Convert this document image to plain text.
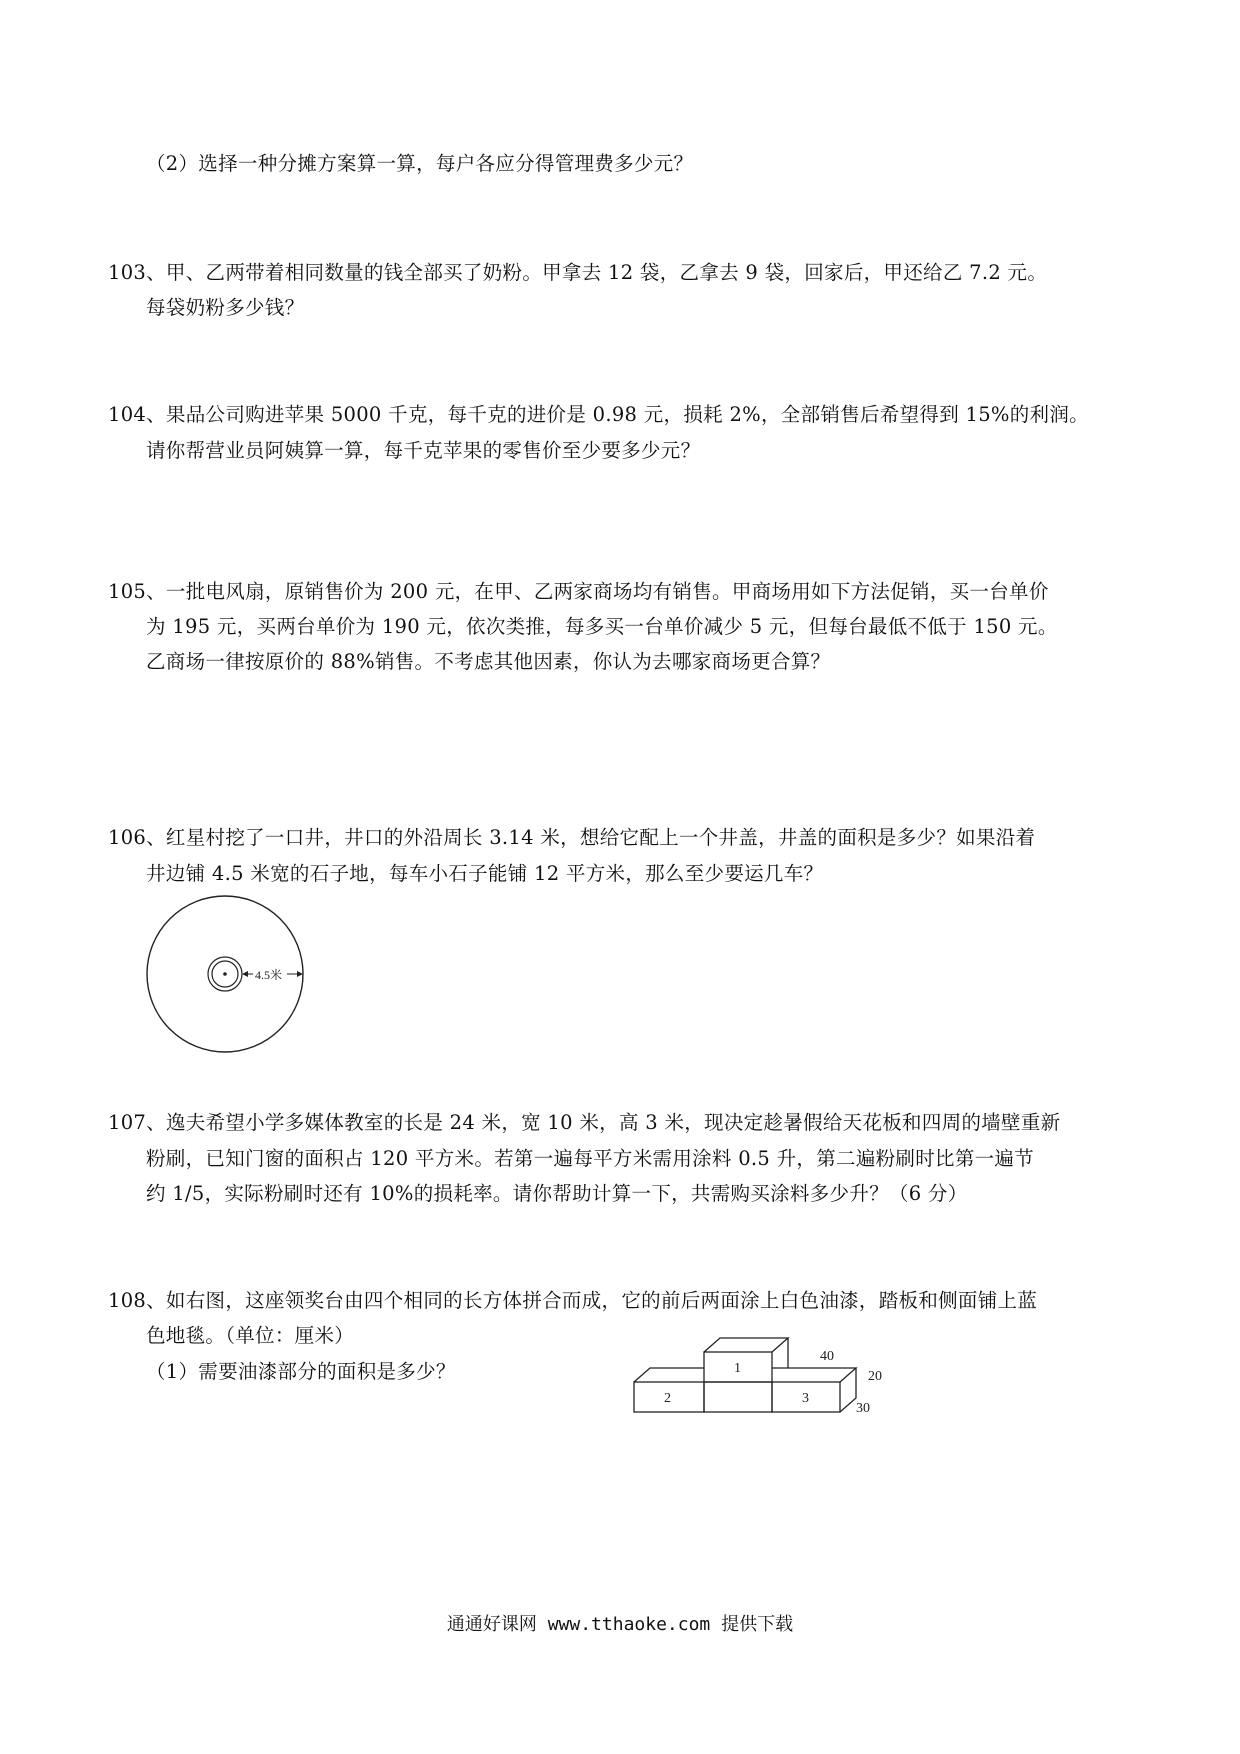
（2）选择一种分摊方案算一算，每户各应分得管理费多少元？
103、甲、乙两带着相同数量的钱全部买了奶粉。甲拿去 12 袋，乙拿去 9 袋，回家后，甲还给乙 7.2 元。
每袋奶粉多少钱？
104、果品公司购进苹果 5000 千克，每千克的进价是 0.98 元，损耗 2%，全部销售后希望得到 15%的利润。
请你帮营业员阿姨算一算，每千克苹果的零售价至少要多少元？
105、一批电风扇，原销售价为 200 元，在甲、乙两家商场均有销售。甲商场用如下方法促销，买一台单价
为 195 元，买两台单价为 190 元，依次类推，每多买一台单价减少 5 元，但每台最低不低于 150 元。
乙商场一律按原价的 88%销售。不考虑其他因素，你认为去哪家商场更合算？
106、红星村挖了一口井，井口的外沿周长 3.14 米，想给它配上一个井盖，井盖的面积是多少？如果沿着
井边铺 4.5 米宽的石子地，每车小石子能铺 12 平方米，那么至少要运几车？
4.5米
107、逸夫希望小学多媒体教室的长是 24 米，宽 10 米，高 3 米，现决定趁暑假给天花板和四周的墙壁重新
粉刷，已知门窗的面积占 120 平方米。若第一遍每平方米需用涂料 0.5 升，第二遍粉刷时比第一遍节
约 1/5，实际粉刷时还有 10%的损耗率。请你帮助计算一下，共需购买涂料多少升？（6 分）
108、如右图，这座领奖台由四个相同的长方体拼合而成，它的前后两面涂上白色油漆，踏板和侧面铺上蓝
色地毯。（单位：厘米）
（1）需要油漆部分的面积是多少？	1
2	3
40
20
30
通通好课网 www.tthaoke.com 提供下载
